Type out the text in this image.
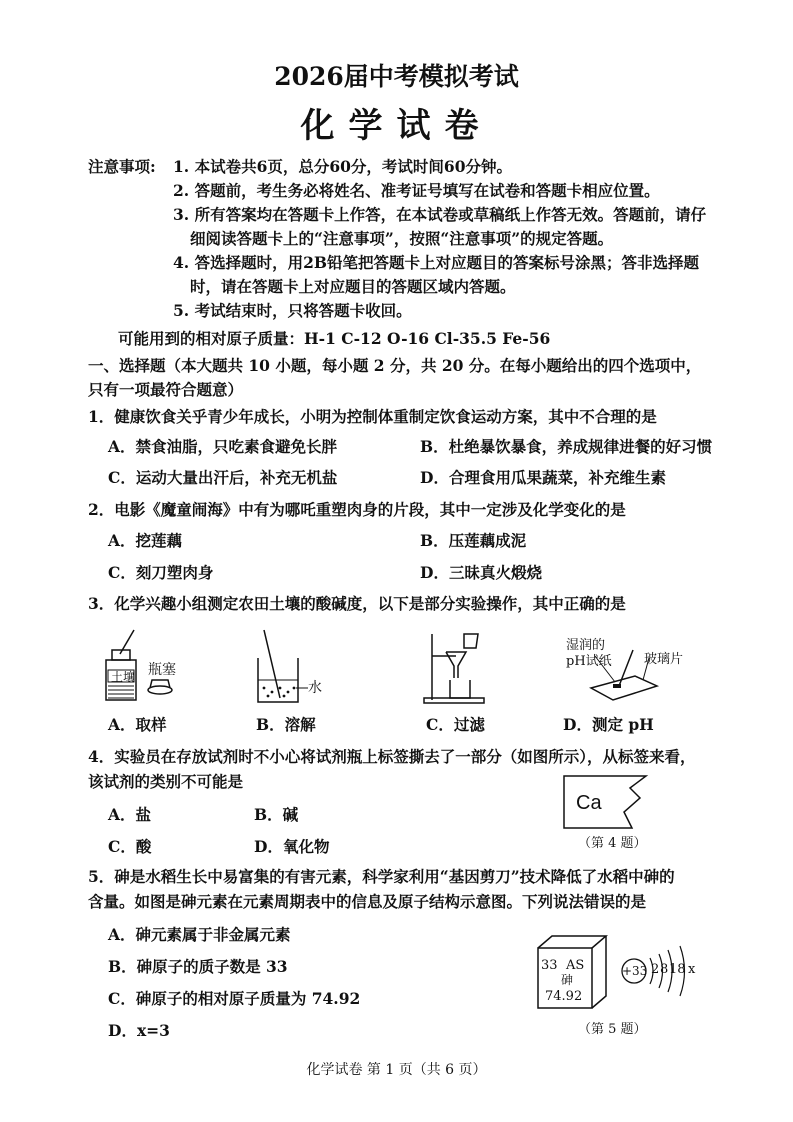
2026届中考模拟考试
化学试卷
注意事项: 1. 本试卷共6页，总分60分，考试时间60分钟。
2. 答题前，考生务必将姓名、准考证号填写在试卷和答题卡相应位置。
3. 所有答案均在答题卡上作答，在本试卷或草稿纸上作答无效。答题前，请仔
细阅读答题卡上的“注意事项”，按照“注意事项”的规定答题。
4. 答选择题时，用2B铅笔把答题卡上对应题目的答案标号涂黑；答非选择题
时，请在答题卡上对应题目的答题区域内答题。
5. 考试结束时，只将答题卡收回。
可能用到的相对原子质量：H-1 C-12 O-16 Cl-35.5 Fe-56
一、选择题（本大题共 10 小题，每小题 2 分，共 20 分。在每小题给出的四个选项中，
只有一项最符合题意）
1．健康饮食关乎青少年成长，小明为控制体重制定饮食运动方案，其中不合理的是
A．禁食油脂，只吃素食避免长胖	B．杜绝暴饮暴食，养成规律进餐的好习惯
C．运动大量出汗后，补充无机盐	D．合理食用瓜果蔬菜，补充维生素
2．电影《魔童闹海》中有为哪吒重塑肉身的片段，其中一定涉及化学变化的是
A．挖莲藕	B．压莲藕成泥
C．刻刀塑肉身	D．三昧真火煅烧
3．化学兴趣小组测定农田土壤的酸碱度，以下是部分实验操作，其中正确的是
土壤 瓶塞
水
湿润的
pH试纸 玻璃片
A．取样	B．溶解	C．过滤	D．测定 pH
4．实验员在存放试剂时不小心将试剂瓶上标签撕去了一部分（如图所示），从标签来看，
该试剂的类别不可能是
A．盐	B．碱
C．酸	D．氧化物
Ca
（第 4 题）
5．砷是水稻生长中易富集的有害元素，科学家利用“基因剪刀”技术降低了水稻中砷的
含量。如图是砷元素在元素周期表中的信息及原子结构示意图。下列说法错误的是
A．砷元素属于非金属元素
B．砷原子的质子数是 33
C．砷原子的相对原子质量为 74.92
D．x=3
33 AS
砷
74.92
+33 2 8 18 x
（第 5 题）
化学试卷 第 1 页（共 6 页）
